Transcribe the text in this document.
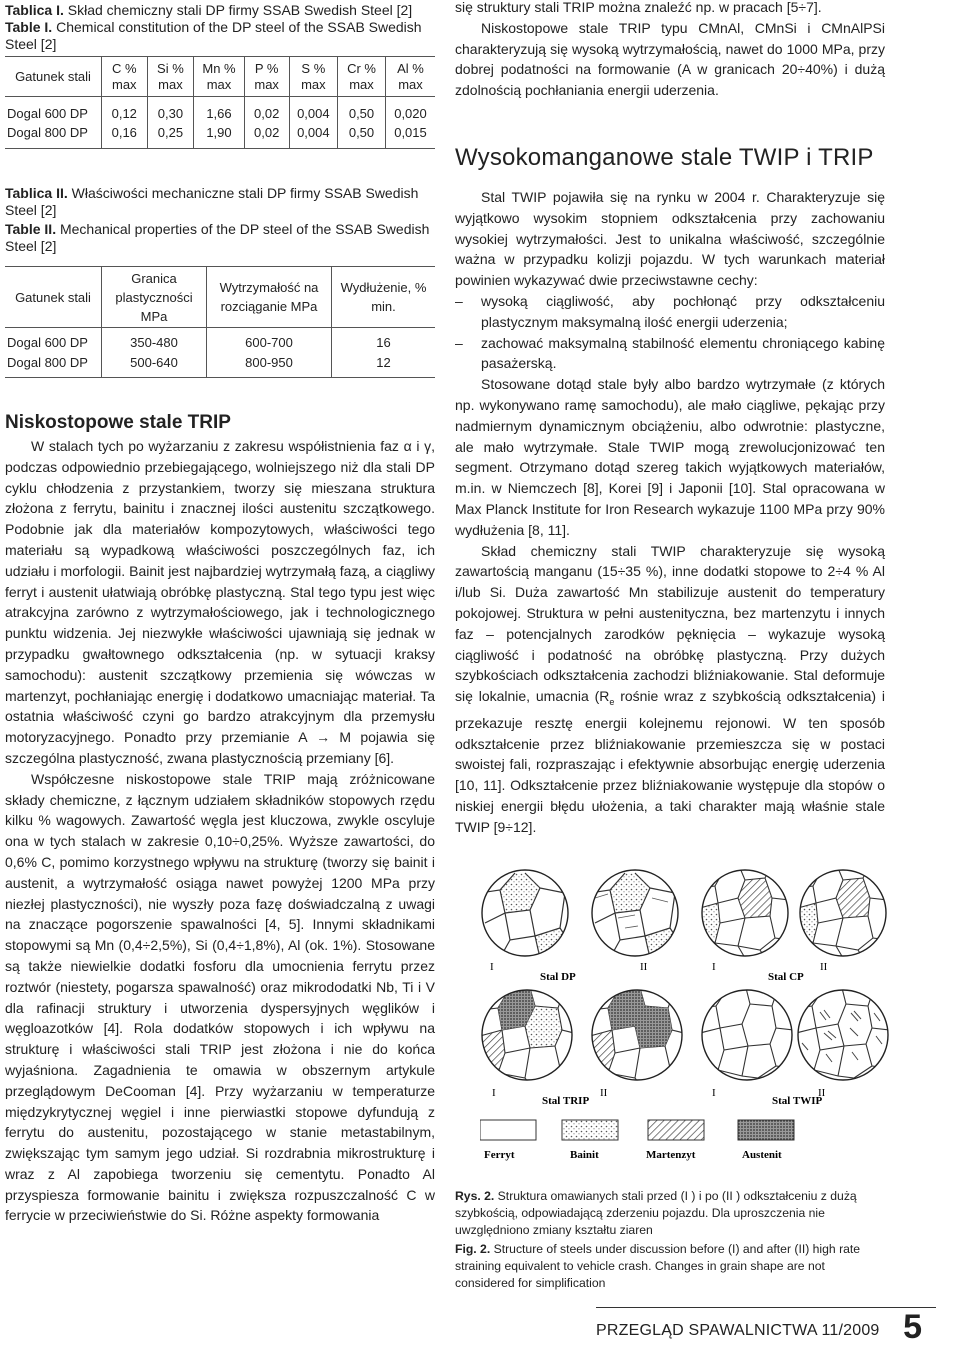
Tablica I. Skład chemiczny stali DP firmy SSAB Swedish Steel [2]

Table I. Chemical constitution of the DP steel of the SSAB Swedish Steel [2]

Gatunek stali	C % max	Si % max	Mn % max	P % max	S % max	Cr % max	Al % max
Dogal 600 DP	0,12	0,30	1,66	0,02	0,004	0,50	0,020
Dogal 800 DP	0,16	0,25	1,90	0,02	0,004	0,50	0,015

Tablica II. Właściwości mechaniczne stali DP firmy SSAB Swedish Steel [2]

Table II. Mechanical properties of the DP steel of the SSAB Swedish Steel [2]

Gatunek stali	Granica plastyczności MPa	Wytrzymałość na rozciąganie MPa	Wydłużenie, % min.
Dogal 600 DP	350-480	600-700	16
Dogal 800 DP	500-640	800-950	12
Niskostopowe stale TRIP

W stalach tych po wyżarzaniu z zakresu współistnienia faz α i γ, podczas odpowiednio przebiegającego, wolniejszego niż dla stali DP cyklu chłodzenia z przystankiem, tworzy się mieszana struktura złożona z ferrytu, bainitu i znacznej ilości austenitu szczątkowego. Podobnie jak dla materiałów kompozytowych, właściwości tego materiału są wypadkową właściwości poszczególnych faz, ich udziału i morfologii. Bainit jest najbardziej wytrzymałą fazą, a ciągliwy ferryt i austenit ułatwiają obróbkę plastyczną. Stal tego typu jest więc atrakcyjna zarówno z wytrzymałościowego, jak i technologicznego punktu widzenia. Jej niezwykłe właściwości ujawniają się jednak w przypadku gwałtownego odkształcenia (np. w sytuacji kraksy samochodu): austenit szczątkowy przemienia się wówczas w martenzyt, pochłaniając energię i dodatkowo umacniając materiał. Ta ostatnia właściwość czyni go bardzo atrakcyjnym dla przemysłu motoryzacyjnego. Ponadto przy przemianie A → M pojawia się szczególna plastyczność, zwana plastycznością przemiany [6].

Współczesne niskostopowe stale TRIP mają zróżnicowane składy chemiczne, z łącznym udziałem składników stopowych rzędu kilku % wagowych. Zawartość węgla jest kluczowa, zwykle oscyluje ona w tych stalach w zakresie 0,10÷0,25%. Wyższe zawartości, do 0,6% C, pomimo korzystnego wpływu na strukturę (tworzy się bainit i austenit, a wytrzymałość osiąga nawet powyżej 1200 MPa przy niezłej plastyczności), nie wyszły poza fazę doświadczalną z uwagi na znaczące pogorszenie spawalności [4, 5]. Innymi składnikami stopowymi są Mn (0,4÷2,5%), Si (0,4÷1,8%), Al (ok. 1%). Stosowane są także niewielkie dodatki fosforu dla umocnienia ferrytu przez roztwór (niestety, pogarsza spawalność) oraz mikrododatki Nb, Ti i V dla rafinacji struktury i utworzenia dyspersyjnych węglików i węgloazotków [4]. Rola dodatków stopowych i ich wpływu na strukturę i właściwości stali TRIP jest złożona i nie do końca wyjaśniona. Zagadnienia te omawia w obszernym artykule przeglądowym DeCooman [4]. Przy wyżarzaniu w temperaturze międzykrytycznej węgiel i inne pierwiastki stopowe dyfundują z ferrytu do austenitu, pozostającego w stanie metastabilnym, zwiększając tym samym jego udział. Si rozdrabnia mikrostrukturę i wraz z Al zapobiega tworzeniu się cementytu. Ponadto Al przyspiesza formowanie bainitu i zwiększa rozpuszczalność C w ferrycie w przeciwieństwie do Si. Różne aspekty formowania

się struktury stali TRIP można znaleźć np. w pracach [5÷7].

Niskostopowe stale TRIP typu CMnAl, CMnSi i CMnAlPSi charakteryzują się wysoką wytrzymałością, nawet do 1000 MPa, przy dobrej podatności na formowanie (A w granicach 20÷40%) i dużą zdolnością pochłaniania energii uderzenia.

Wysokomanganowe stale TWIP i TRIP

Stal TWIP pojawiła się na rynku w 2004 r. Charakteryzuje się wyjątkowo wysokim stopniem odkształcenia przy zachowaniu wysokiej wytrzymałości. Jest to unikalna właściwość, szczególnie ważna w przypadku kolizji pojazdu. W tych warunkach materiał powinien wykazywać dwie przeciwstawne cechy:

– wysoką ciągliwość, aby pochłonąć przy odkształceniu plastycznym maksymalną ilość energii uderzenia;
– zachować maksymalną stabilność elementu chroniącego kabinę pasażerską.

Stosowane dotąd stale były albo bardzo wytrzymałe (z których np. wykonywano ramę samochodu), ale mało ciągliwe, pękając przy nadmiernym dynamicznym obciążeniu, albo odwrotnie: plastyczne, ale mało wytrzymałe. Stale TWIP mogą zrewolucjonizować ten segment. Otrzymano dotąd szereg takich wyjątkowych materiałów, m.in. w Niemczech [8], Korei [9] i Japonii [10]. Stal opracowana w Max Planck Institute for Iron Research wykazuje 1100 MPa przy 90% wydłużenia [8, 11].

Skład chemiczny stali TWIP charakteryzuje się wysoką zawartością manganu (15÷35 %), inne dodatki stopowe to 2÷4 % Al i/lub Si. Duża zawartość Mn stabilizuje austenit do temperatury pokojowej. Struktura w pełni austenityczna, bez martenzytu i innych faz – potencjalnych zarodków pęknięcia – wykazuje wysoką ciągliwość i podatność na obróbkę plastyczną. Przy dużych szybkościach odkształcenia zachodzi bliźniakowanie. Stal deformuje się lokalnie, umacnia ($R_e$ rośnie wraz z szybkością odkształcenia) i przekazuje resztę energii kolejnemu rejonowi. W ten sposób odkształcenie przez bliźniakowanie przemieszcza się w postaci swoistej fali, rozpraszając i efektywnie absorbując energię uderzenia [10, 11]. Odkształcenie przez bliźniakowanie występuje dla stopów o niskiej energii błędu ułożenia, a taki charakter mają właśnie stale TWIP [9÷12].

I	II
Stal DP
I	II
Stal CP
I	II
Stal TRIP
I	II
Stal TWIP
Ferryt	Bainit	Martenzyt	Austenit

Rys. 2. Struktura omawianych stali przed (I ) i po (II ) odkształceniu z dużą szybkością, odpowiadającą zderzeniu pojazdu. Dla uproszczenia nie uwzględniono zmiany kształtu ziaren

Fig. 2. Structure of steels under discussion before (I) and after (II) high rate straining equivalent to vehicle crash. Changes in grain shape are not considered for simplification

PRZEGLĄD SPAWALNICTWA 11/2009 5
